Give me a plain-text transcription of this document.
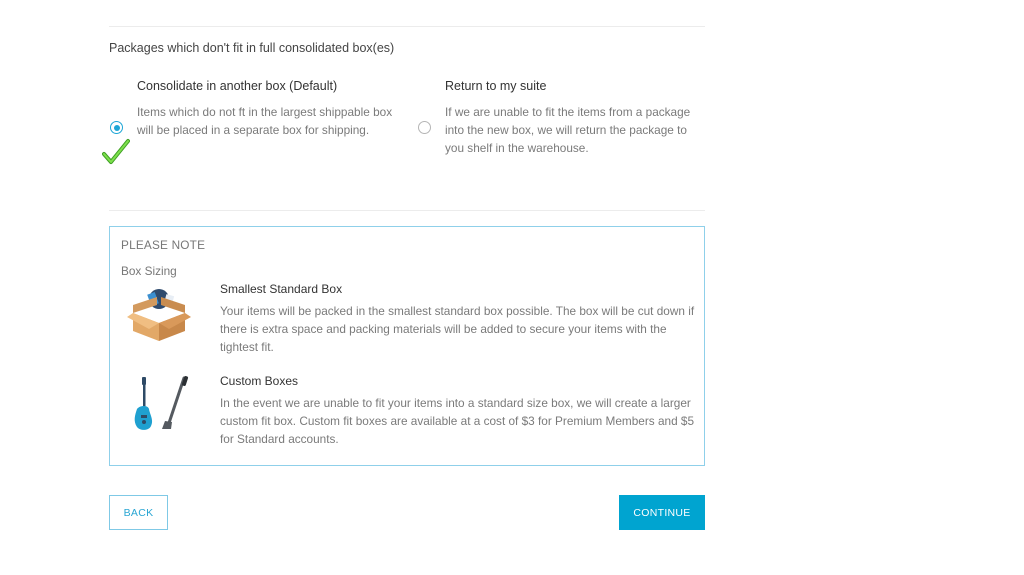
Packages which don't fit in full consolidated box(es)
Consolidate in another box (Default)
Items which do not ft in the largest shippable box will be placed in a separate box for shipping.
Return to my suite
If we are unable to fit the items from a package into the new box, we will return the package to you shelf in the warehouse.
PLEASE NOTE
Box Sizing
Smallest Standard Box
Your items will be packed in the smallest standard box possible. The box will be cut down if there is extra space and packing materials will be added to secure your items with the tightest fit.
Custom Boxes
In the event we are unable to fit your items into a standard size box, we will create a larger custom fit box. Custom fit boxes are available at a cost of $3 for Premium Members and $5 for Standard accounts.
BACK	CONTINUE
